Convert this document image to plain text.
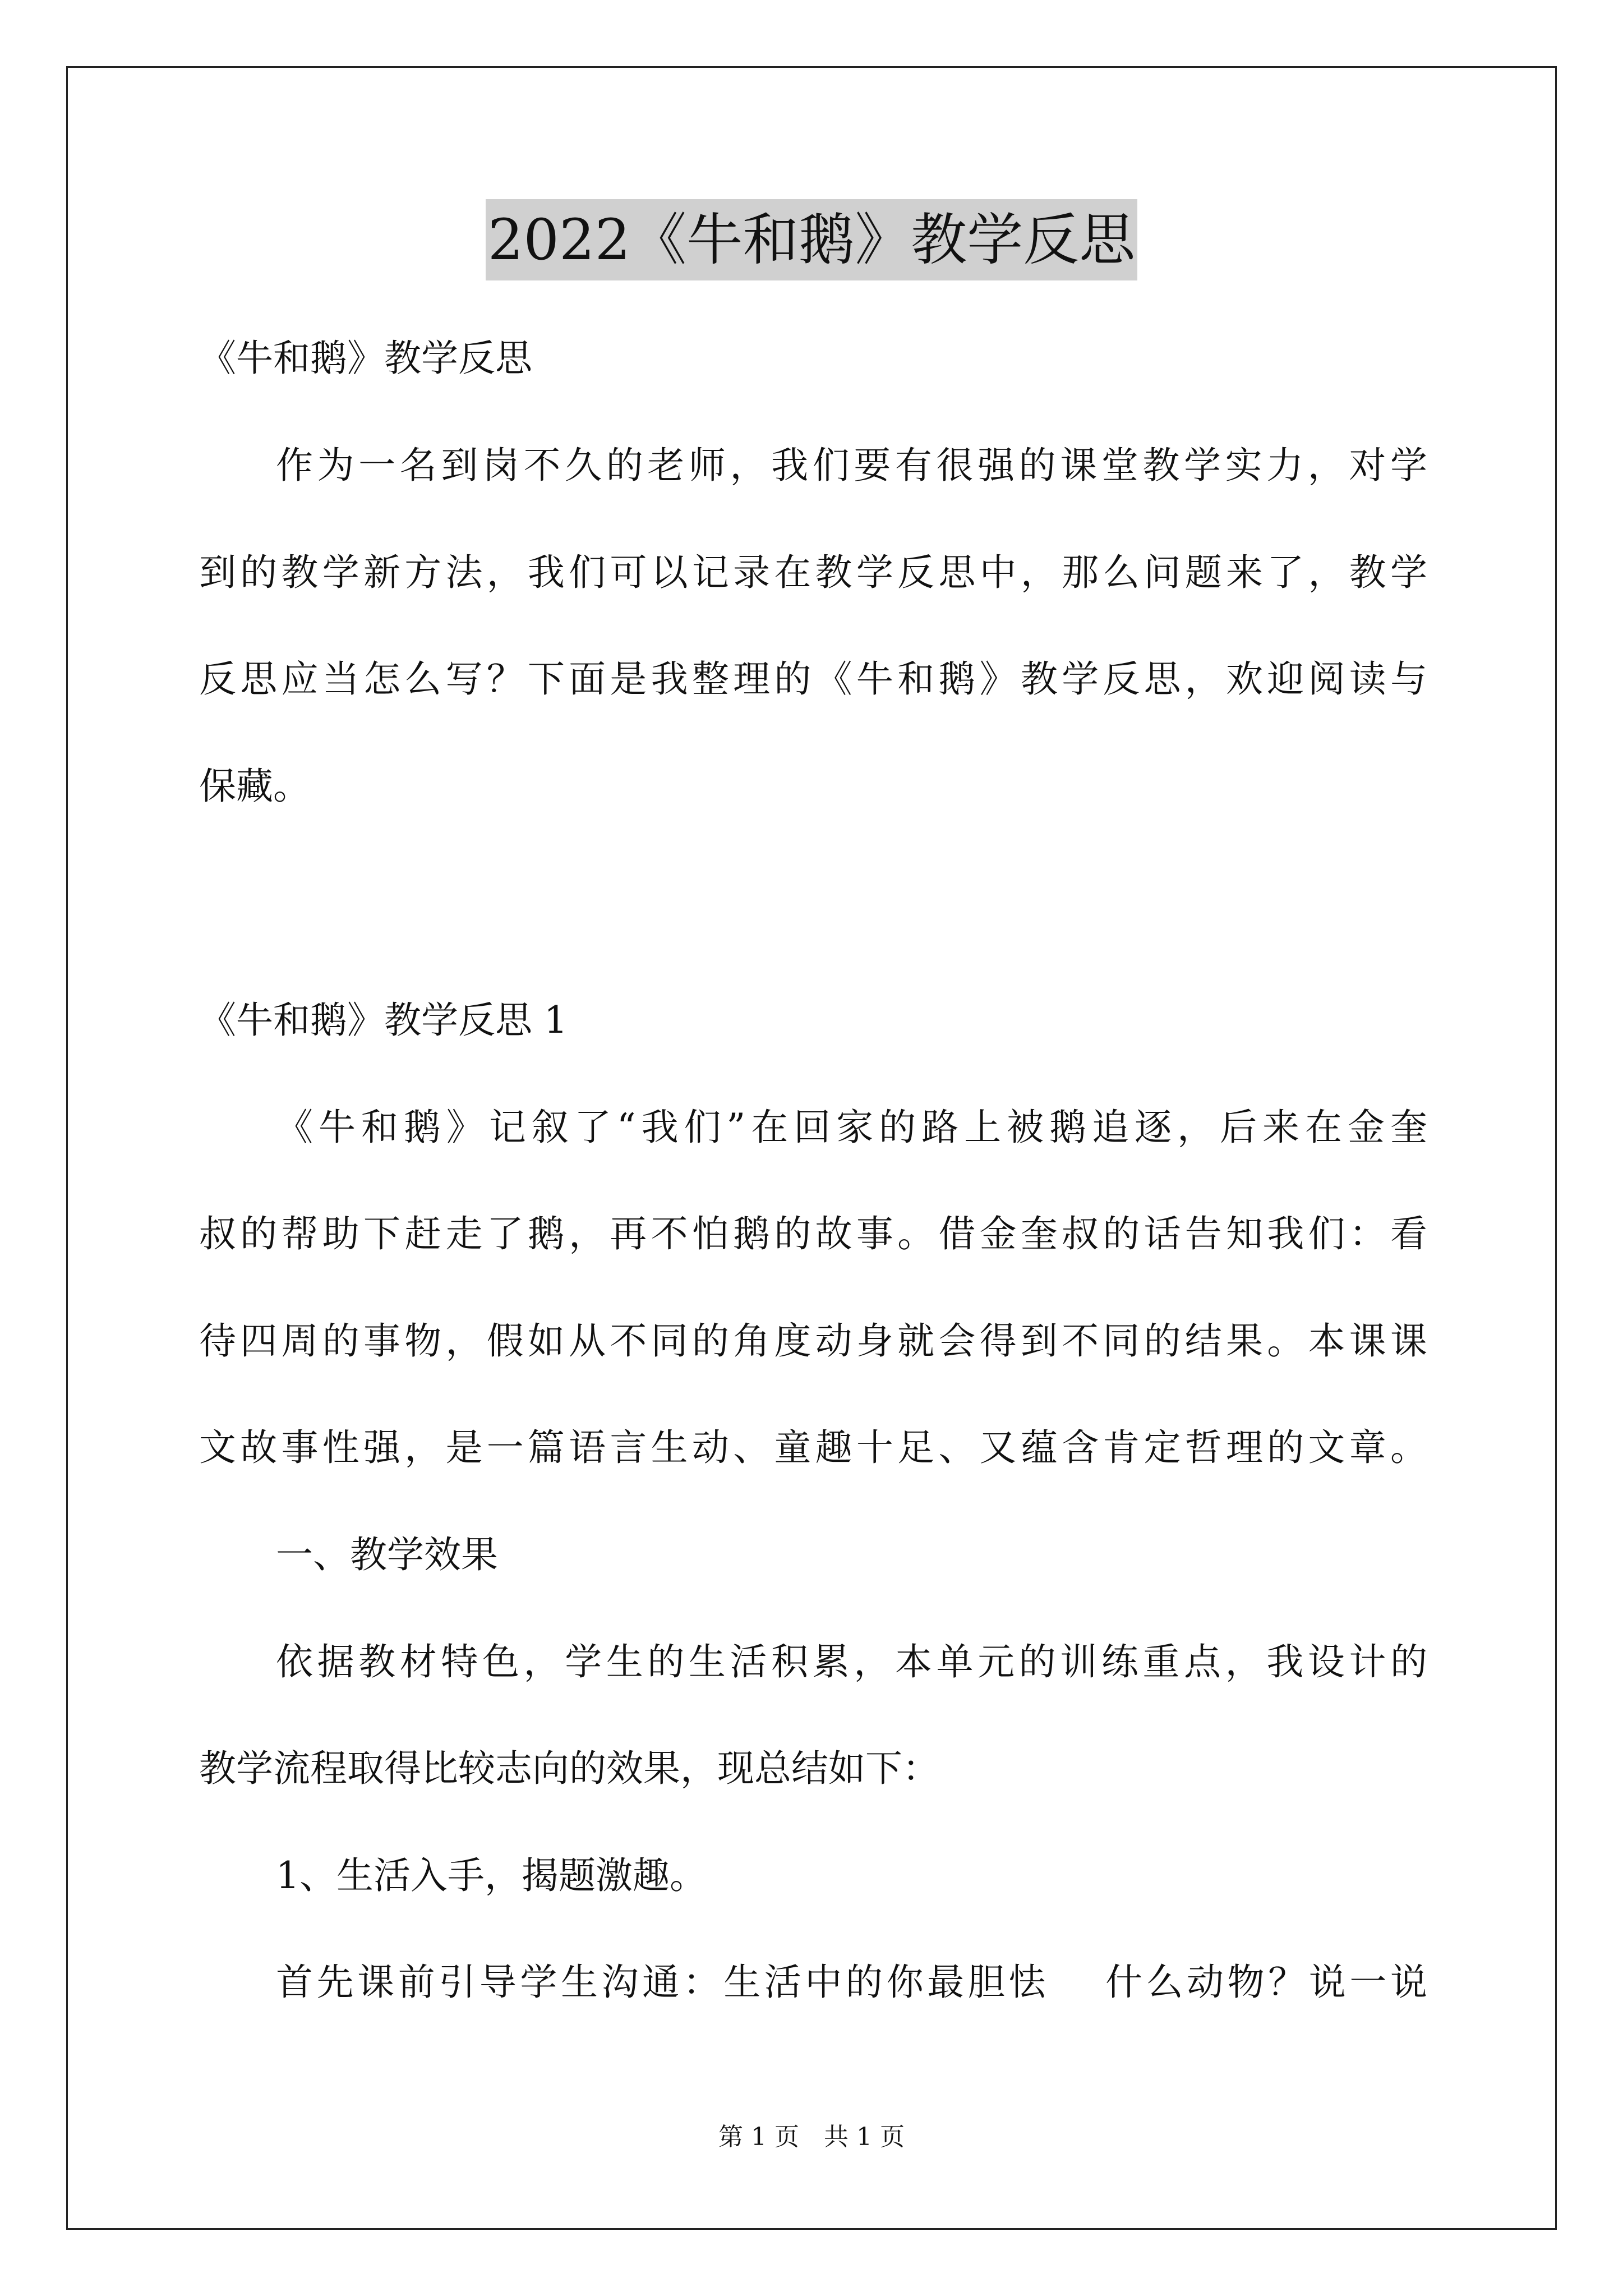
2022《牛和鹅》教学反思
《牛和鹅》教学反思
作为一名到岗不久的老师，我们要有很强的课堂教学实力，对学
到的教学新方法，我们可以记录在教学反思中，那么问题来了，教学
反思应当怎么写？下面是我整理的《牛和鹅》教学反思，欢迎阅读与
保藏。
《牛和鹅》教学反思 1
《牛和鹅》记叙了“我们”在回家的路上被鹅追逐，后来在金奎
叔的帮助下赶走了鹅，再不怕鹅的故事。借金奎叔的话告知我们：看
待四周的事物，假如从不同的角度动身就会得到不同的结果。本课课
文故事性强，是一篇语言生动、童趣十足、又蕴含肯定哲理的文章。
一、教学效果
依据教材特色，学生的生活积累，本单元的训练重点，我设计的
教学流程取得比较志向的效果，现总结如下：
1、生活入手，揭题激趣。
首先课前引导学生沟通：生活中的你最胆怯　 什么动物？说一说
第 1 页　共 1 页
